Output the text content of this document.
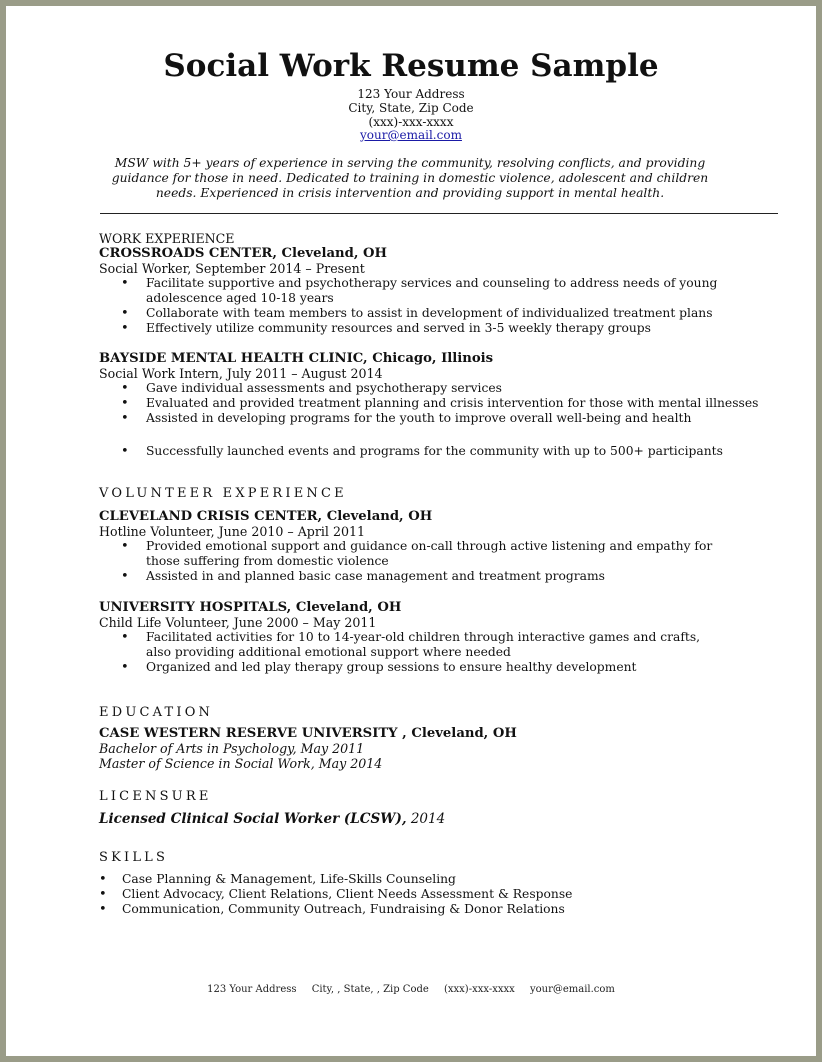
Social Work Resume Sample
123 Your Address
City, State, Zip Code
(xxx)-xxx-xxxx
your@email.com
MSW with 5+ years of experience in serving the community, resolving conflicts, and providing guidance for those in need. Dedicated to training in domestic violence, adolescent and children needs. Experienced in crisis intervention and providing support in mental health.
WORK EXPERIENCE
CROSSROADS CENTER, Cleveland, OH
Social Worker, September 2014 – Present
• Facilitate supportive and psychotherapy services and counseling to address needs of young adolescence aged 10-18 years
• Collaborate with team members to assist in development of individualized treatment plans
• Effectively utilize community resources and served in 3-5 weekly therapy groups
BAYSIDE MENTAL HEALTH CLINIC, Chicago, Illinois
Social Work Intern, July 2011 – August 2014
• Gave individual assessments and psychotherapy services
• Evaluated and provided treatment planning and crisis intervention for those with mental illnesses
• Assisted in developing programs for the youth to improve overall well-being and health
• Successfully launched events and programs for the community with up to 500+ participants
VOLUNTEER EXPERIENCE
CLEVELAND CRISIS CENTER, Cleveland, OH
Hotline Volunteer, June 2010 – April 2011
• Provided emotional support and guidance on-call through active listening and empathy for those suffering from domestic violence
• Assisted in and planned basic case management and treatment programs
UNIVERSITY HOSPITALS, Cleveland, OH
Child Life Volunteer, June 2000 – May 2011
• Facilitated activities for 10 to 14-year-old children through interactive games and crafts, also providing additional emotional support where needed
• Organized and led play therapy group sessions to ensure healthy development
EDUCATION
CASE WESTERN RESERVE UNIVERSITY , Cleveland, OH
Bachelor of Arts in Psychology, May 2011
Master of Science in Social Work, May 2014
LICENSURE
Licensed Clinical Social Worker (LCSW), 2014
SKILLS
• Case Planning & Management, Life-Skills Counseling
• Client Advocacy, Client Relations, Client Needs Assessment & Response
• Communication, Community Outreach, Fundraising & Donor Relations
123 Your Address City, , State, , Zip Code (xxx)-xxx-xxxx your@email.com
